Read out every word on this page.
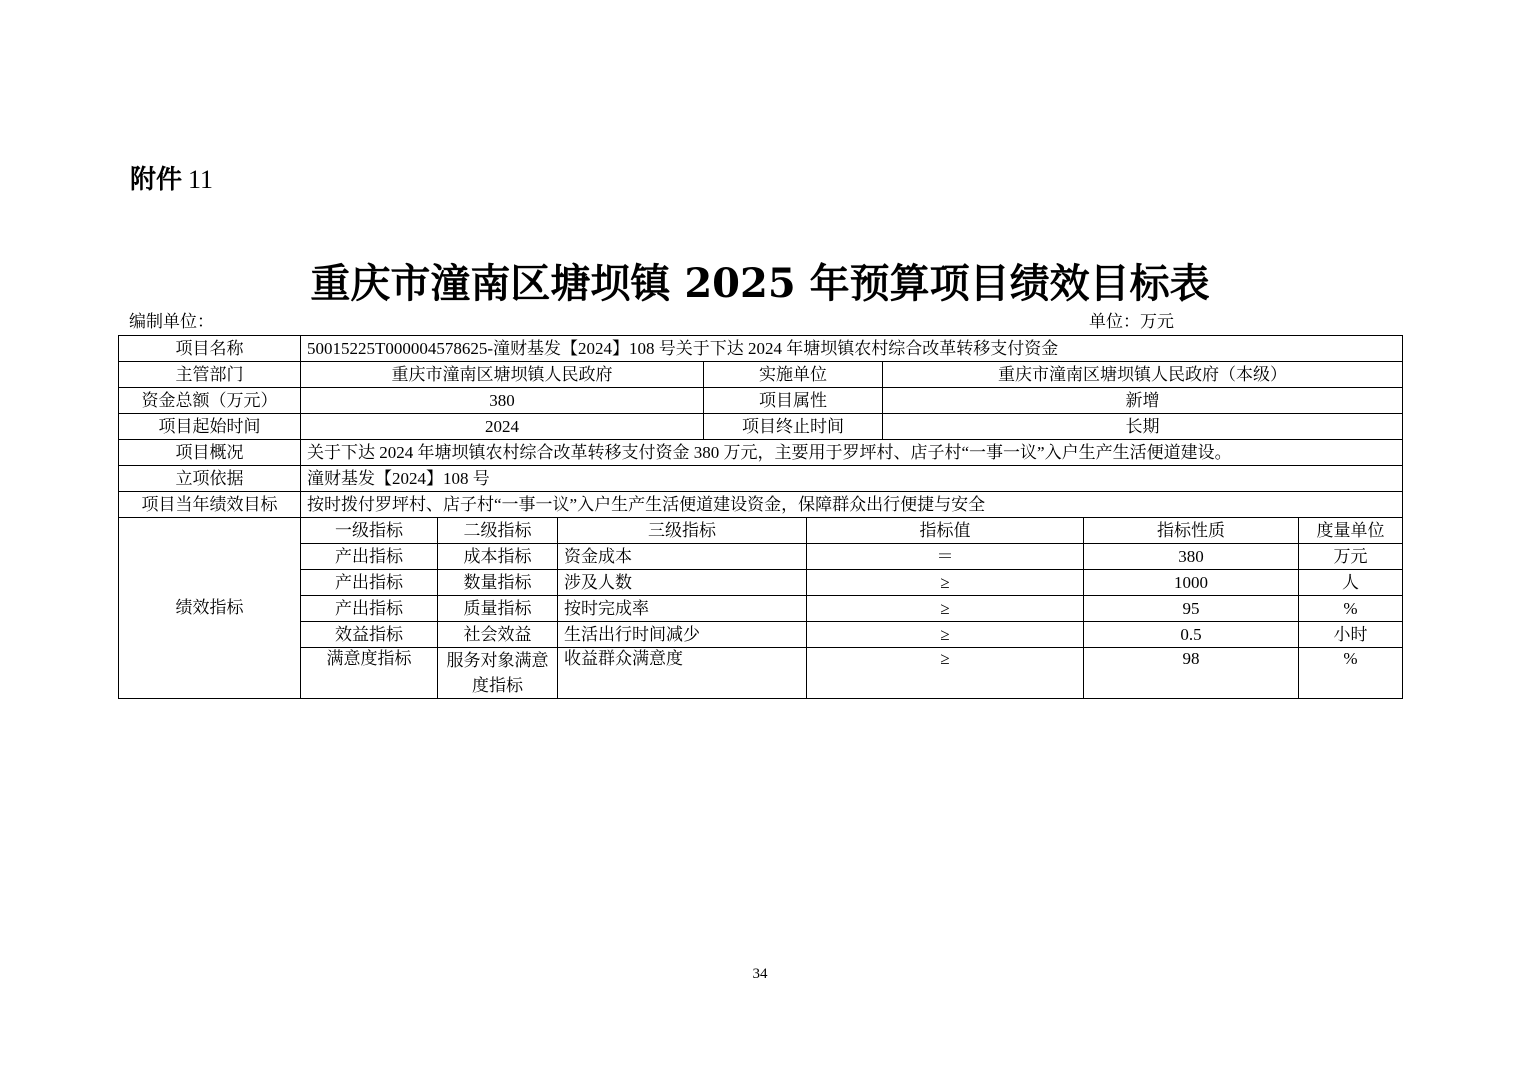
附件 11
重庆市潼南区塘坝镇 2025 年预算项目绩效目标表
编制单位：	单位：万元
项目名称	50015225T000004578625-潼财基发【2024】108 号关于下达 2024 年塘坝镇农村综合改革转移支付资金							
主管部门	重庆市潼南区塘坝镇人民政府			实施单位		重庆市潼南区塘坝镇人民政府（本级）		
资金总额（万元）	380			项目属性		新增		
项目起始时间	2024			项目终止时间		长期		
项目概况	关于下达 2024 年塘坝镇农村综合改革转移支付资金 380 万元，主要用于罗坪村、店子村“一事一议”入户生产生活便道建设。							
立项依据	潼财基发【2024】108 号							
项目当年绩效目标	按时拨付罗坪村、店子村“一事一议”入户生产生活便道建设资金，保障群众出行便捷与安全							
绩效指标	一级指标	二级指标	三级指标		指标值		指标性质	度量单位
	产出指标	成本指标	资金成本		＝		380	万元
	产出指标	数量指标	涉及人数		≥		1000	人
	产出指标	质量指标	按时完成率		≥		95	%
	效益指标	社会效益	生活出行时间减少		≥		0.5	小时
	满意度指标	服务对象满意度指标	收益群众满意度		≥		98	%
34
